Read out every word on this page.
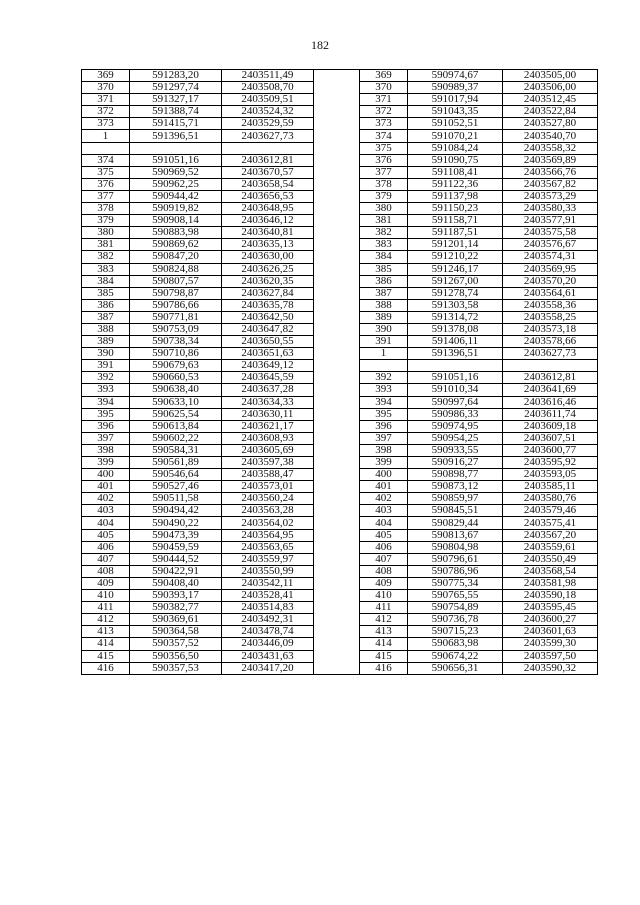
182
369	591283,20	2403511,49		369	590974,67	2403505,00
370	591297,74	2403508,70		370	590989,37	2403506,00
371	591327,17	2403509,51		371	591017,94	2403512,45
372	591388,74	2403524,32		372	591043,35	2403522,84
373	591415,71	2403529,59		373	591052,51	2403527,80
1	591396,51	2403627,73		374	591070,21	2403540,70
				375	591084,24	2403558,32
374	591051,16	2403612,81		376	591090,75	2403569,89
375	590969,52	2403670,57		377	591108,41	2403566,76
376	590962,25	2403658,54		378	591122,36	2403567,82
377	590944,42	2403656,53		379	591137,98	2403573,29
378	590919,82	2403648,95		380	591150,23	2403580,33
379	590908,14	2403646,12		381	591158,71	2403577,91
380	590883,98	2403640,81		382	591187,51	2403575,58
381	590869,62	2403635,13		383	591201,14	2403576,67
382	590847,20	2403630,00		384	591210,22	2403574,31
383	590824,88	2403626,25		385	591246,17	2403569,95
384	590807,57	2403620,35		386	591267,00	2403570,20
385	590798,87	2403627,84		387	591278,74	2403564,61
386	590786,66	2403635,78		388	591303,58	2403558,36
387	590771,81	2403642,50		389	591314,72	2403558,25
388	590753,09	2403647,82		390	591378,08	2403573,18
389	590738,34	2403650,55		391	591406,11	2403578,66
390	590710,86	2403651,63		1	591396,51	2403627,73
391	590679,63	2403649,12				
392	590660,53	2403645,59		392	591051,16	2403612,81
393	590638,40	2403637,28		393	591010,34	2403641,69
394	590633,10	2403634,33		394	590997,64	2403616,46
395	590625,54	2403630,11		395	590986,33	2403611,74
396	590613,84	2403621,17		396	590974,95	2403609,18
397	590602,22	2403608,93		397	590954,25	2403607,51
398	590584,31	2403605,69		398	590933,55	2403600,77
399	590561,89	2403597,38		399	590916,27	2403595,92
400	590546,64	2403588,47		400	590898,77	2403593,05
401	590527,46	2403573,01		401	590873,12	2403585,11
402	590511,58	2403560,24		402	590859,97	2403580,76
403	590494,42	2403563,28		403	590845,51	2403579,46
404	590490,22	2403564,02		404	590829,44	2403575,41
405	590473,39	2403564,95		405	590813,67	2403567,20
406	590459,59	2403563,65		406	590804,98	2403559,61
407	590444,52	2403559,97		407	590796,61	2403550,49
408	590422,91	2403550,99		408	590786,96	2403568,54
409	590408,40	2403542,11		409	590775,34	2403581,98
410	590393,17	2403528,41		410	590765,55	2403590,18
411	590382,77	2403514,83		411	590754,89	2403595,45
412	590369,61	2403492,31		412	590736,78	2403600,27
413	590364,58	2403478,74		413	590715,23	2403601,63
414	590357,52	2403446,09		414	590683,98	2403599,30
415	590356,50	2403431,63		415	590674,22	2403597,50
416	590357,53	2403417,20		416	590656,31	2403590,32
